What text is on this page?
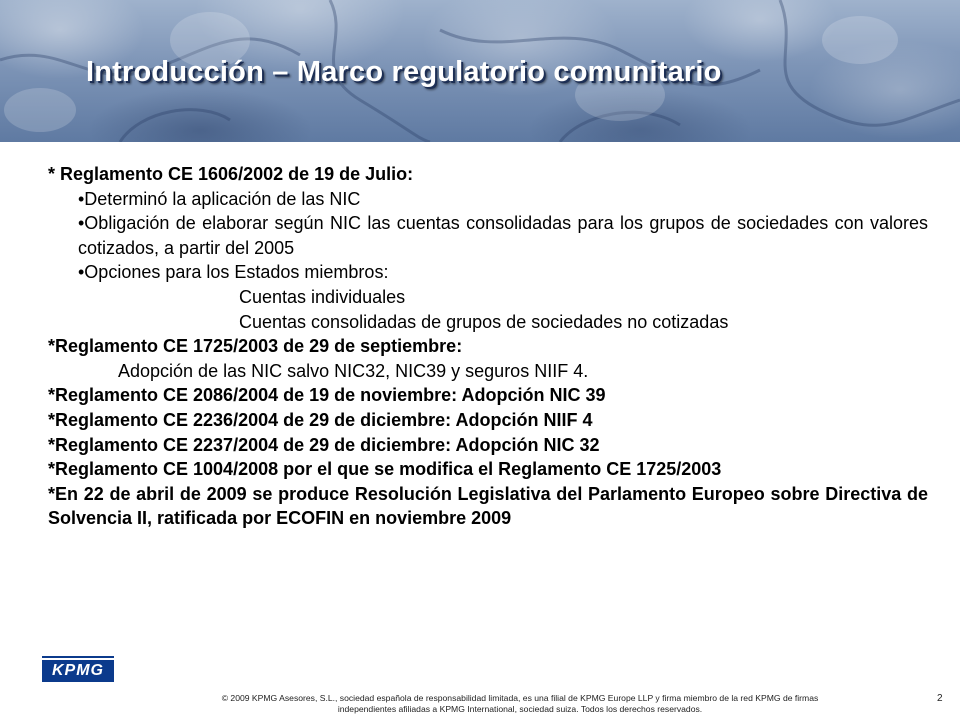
Introducción – Marco regulatorio comunitario
* Reglamento CE 1606/2002 de 19 de Julio:
•Determinó la aplicación de las NIC
•Obligación de elaborar según NIC las cuentas consolidadas para los grupos de sociedades con valores cotizados, a partir del 2005
•Opciones para los Estados miembros:
Cuentas individuales
Cuentas consolidadas de grupos de sociedades no cotizadas
*Reglamento CE 1725/2003 de 29 de septiembre:
Adopción de las NIC salvo NIC32, NIC39 y seguros NIIF 4.
*Reglamento CE 2086/2004 de 19 de noviembre: Adopción NIC 39
*Reglamento CE 2236/2004 de 29 de diciembre: Adopción NIIF 4
*Reglamento CE 2237/2004 de 29 de diciembre: Adopción NIC 32
*Reglamento CE 1004/2008 por el que se modifica el Reglamento CE 1725/2003
*En 22 de abril de 2009 se produce Resolución Legislativa del Parlamento Europeo sobre Directiva de Solvencia II, ratificada por ECOFIN en noviembre 2009
KPMG
© 2009 KPMG Asesores, S.L., sociedad española de responsabilidad limitada, es una filial de KPMG Europe LLP y firma miembro de la red KPMG de firmas
independientes afiliadas a KPMG International, sociedad suiza. Todos los derechos reservados.
2
